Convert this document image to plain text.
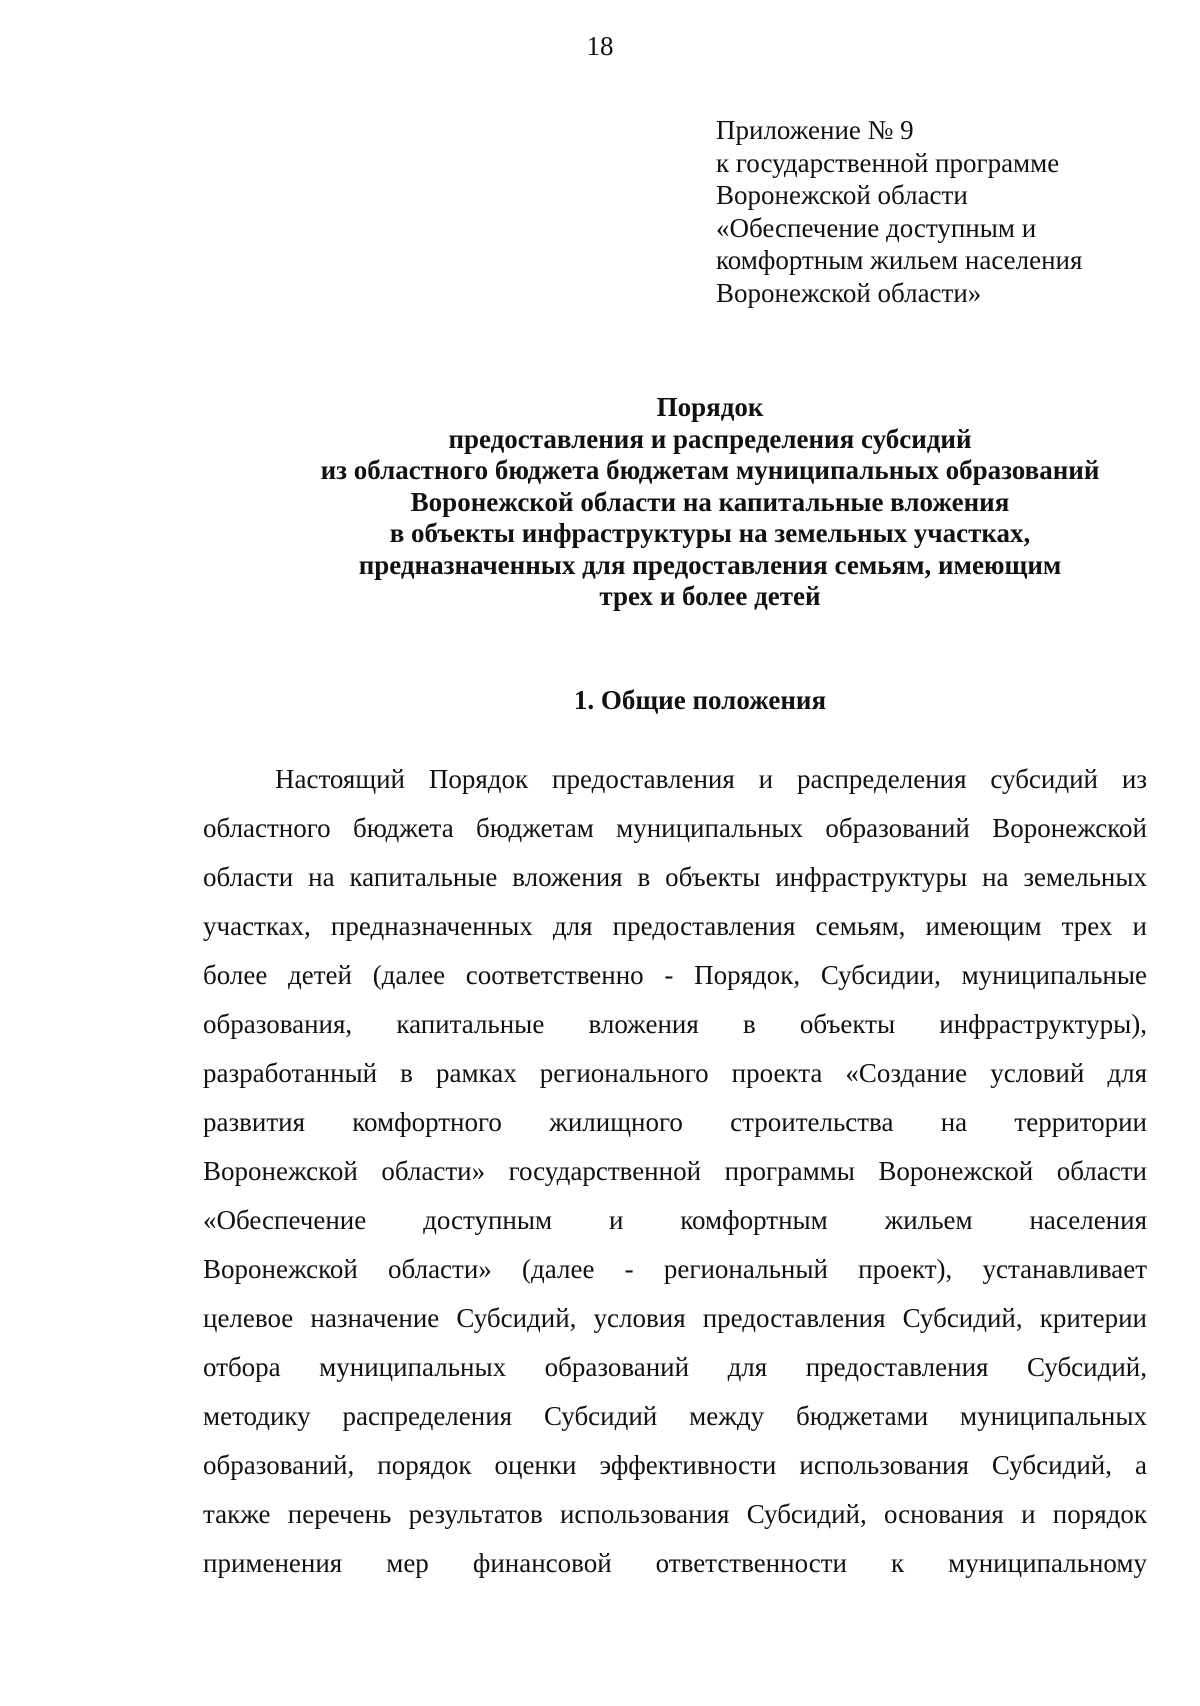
18
Приложение № 9
к государственной программе
Воронежской области
«Обеспечение доступным и
комфортным жильем населения
Воронежской области»
Порядок
предоставления и распределения субсидий
из областного бюджета бюджетам муниципальных образований
Воронежской области на капитальные вложения
в объекты инфраструктуры на земельных участках,
предназначенных для предоставления семьям, имеющим
трех и более детей
1. Общие положения
Настоящий Порядок предоставления и распределения субсидий из
областного бюджета бюджетам муниципальных образований Воронежской
области на капитальные вложения в объекты инфраструктуры на земельных
участках, предназначенных для предоставления семьям, имеющим трех и
более детей (далее соответственно - Порядок, Субсидии, муниципальные
образования, капитальные вложения в объекты инфраструктуры),
разработанный в рамках регионального проекта «Создание условий для
развития комфортного жилищного строительства на территории
Воронежской области» государственной программы Воронежской области
«Обеспечение доступным и комфортным жильем населения
Воронежской области» (далее - региональный проект), устанавливает
целевое назначение Субсидий, условия предоставления Субсидий, критерии
отбора муниципальных образований для предоставления Субсидий,
методику распределения Субсидий между бюджетами муниципальных
образований, порядок оценки эффективности использования Субсидий, а
также перечень результатов использования Субсидий, основания и порядок
применения мер финансовой ответственности к муниципальному
